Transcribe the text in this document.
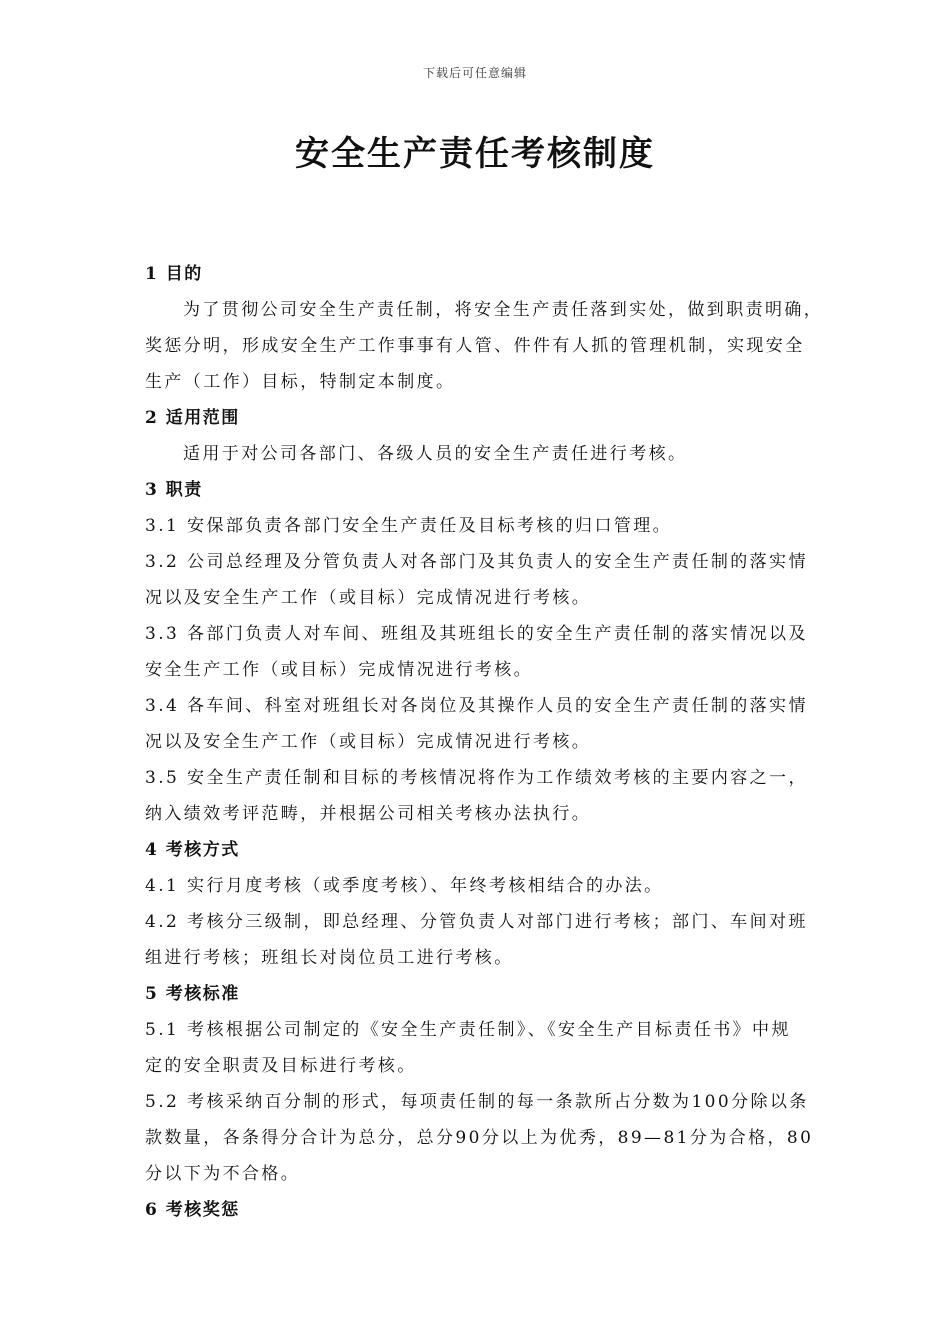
下载后可任意编辑
安全生产责任考核制度
1 目的
为了贯彻公司安全生产责任制，将安全生产责任落到实处，做到职责明确，
奖惩分明，形成安全生产工作事事有人管、件件有人抓的管理机制，实现安全
生产（工作）目标，特制定本制度。
2 适用范围
适用于对公司各部门、各级人员的安全生产责任进行考核。
3 职责
3.1 安保部负责各部门安全生产责任及目标考核的归口管理。
3.2 公司总经理及分管负责人对各部门及其负责人的安全生产责任制的落实情
况以及安全生产工作（或目标）完成情况进行考核。
3.3 各部门负责人对车间、班组及其班组长的安全生产责任制的落实情况以及
安全生产工作（或目标）完成情况进行考核。
3.4 各车间、科室对班组长对各岗位及其操作人员的安全生产责任制的落实情
况以及安全生产工作（或目标）完成情况进行考核。
3.5 安全生产责任制和目标的考核情况将作为工作绩效考核的主要内容之一，
纳入绩效考评范畴，并根据公司相关考核办法执行。
4 考核方式
4.1 实行月度考核（或季度考核）、年终考核相结合的办法。
4.2 考核分三级制，即总经理、分管负责人对部门进行考核；部门、车间对班
组进行考核；班组长对岗位员工进行考核。
5 考核标准
5.1 考核根据公司制定的《安全生产责任制》、《安全生产目标责任书》中规
定的安全职责及目标进行考核。
5.2 考核采纳百分制的形式，每项责任制的每一条款所占分数为100分除以条
款数量，各条得分合计为总分，总分90分以上为优秀，89—81分为合格，80
分以下为不合格。
6 考核奖惩
